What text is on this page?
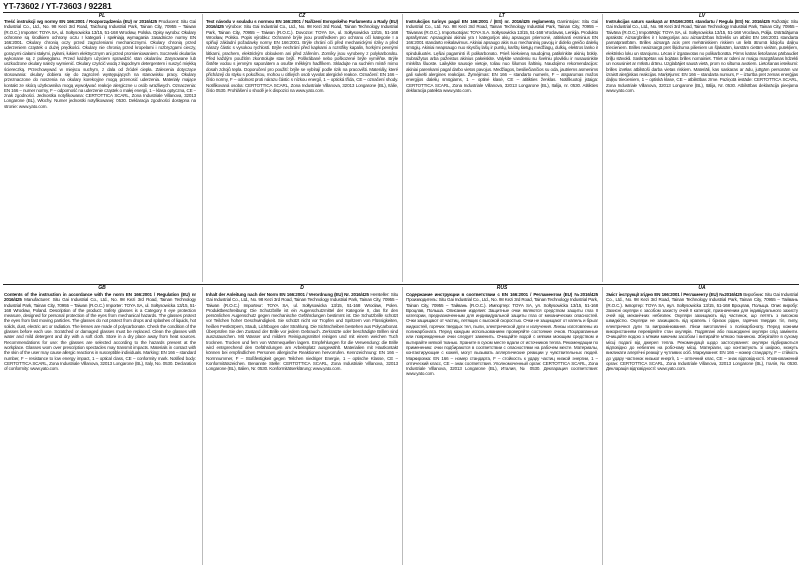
YT-73602 / YT-73603 / 92281
PL	CZ	LT	LV
GB	D	RUS	UA

Treść instrukcji wg normy EN 166:2001 / Rozporządzenia (EU) nr 2016/425 Producent: Situ Gai Industrial Co., Ltd., No. 98 Kezi 3rd Road, Taichung Industrial Park, Tainan City, 70955 – Taiwan (R.O.C.) Importer: TOYA SA, ul. Sołtysowicka 13/15, 51-168 Wrocław, Polska. Opisy wyrobu: Okulary ochronne są środkiem ochrony oczu I kategorii i spełniają wymagania zasadnicze normy EN 166:2001. Okulary chronią oczy przed zagrożeniami mechanicznymi. Okulary chronią przed uderzeniem cząstek o dużej prędkości. Okulary nie chronią przed kropelami i rozbryzgami cieczy, gorącymi ciałami stałymi, pyłami, łukiem elektrycznym ani przed promieniowaniem. Soczewki okularów wykonane są z poliwęglanu. Przed każdym użyciem sprawdzić stan okularów. Zarysowane lub uszkodzone okulary należy wymienić. Okulary czyścić wodą z łagodnym detergentem i suszyć miękką ściereczką. Przechowywać w miejscu suchym, z dala od źródeł ciepła. Zalecenia dotyczące stosowania: okulary dobiera się do zagrożeń występujących na stanowisku pracy. Okulary przeznaczone do noszenia na okulary korekcyjne mogą przenosić uderzenia. Materiały mające kontakt ze skórą użytkownika mogą wywoływać reakcje alergiczne u osób wrażliwych. Oznaczenia: EN 166 – numer normy, F – odporność na uderzenie cząstek o małej energii, 1 – klasa optyczna, CE – znak zgodności. Jednostka notyfikowana: CERTOTTICA SCARL, Zona Industriale Villanova, 32013 Longarone (BL), Włochy. Numer jednostki notyfikowanej: 0530. Deklaracja zgodności dostępna na stronie: www.yato.com.

Text návodu v souladu s normou EN 166:2001 / Nařízení Evropského Parlamentu a Rady (EU) 2016/425 Výrobce: Situ Gai Industrial Co., Ltd., No. 98 Kezi 3rd Road, Tainan Technology Industrial Park, Tainan City, 70955 – Taiwan (R.O.C.). Dovozce: TOYA SA, ul. Sołtysowicka 13/15, 51-168 Wrocław, Polsko. Popis výrobku: Ochranné brýle jsou prostředkem pro ochranu očí kategorie I a splňují základní požadavky normy EN 166:2001. Brýle chrání oči před mechanickými riziky a před nárazy částic s vysokou rychlostí. Brýle nechrání před kapkami a rozstřiky kapalin, horkými pevnými látkami, prachem, elektrickým obloukem ani před zářením. Zorníky jsou vyrobeny z polykarbonátu. Před každým použitím zkontrolujte stav brýlí. Poškrábané nebo poškozené brýle vyměňte. Brýle čistěte vodou s jemným saponátem a osušte měkkým hadříkem. Skladujte na suchém místě mimo dosah zdrojů tepla. Doporučení pro použití: brýle se vybírají podle rizik na pracovišti. Materiály, které přicházejí do styku s pokožkou, mohou u citlivých osob vyvolat alergické reakce. Označení: EN 166 – číslo normy, F – odolnost proti nárazu částic s nízkou energií, 1 – optická třída, CE – označení shody. Notifikovaná osoba: CERTOTTICA SCARL, Zona Industriale Villanova, 32013 Longarone (BL), Itálie, číslo 0530. Prohlášení o shodě je k dispozici na www.yato.com.

Instrukcijos turinys pagal EN 166:2001 / (ES) nr. 2016/425 reglamentą Gamintojas: Situ Gai Industrial Co., Ltd. No. 98 Kezi 3rd Road, Tainan Technology Industrial Park, Tainan City, 70955 – Taivanas (R.O.C.). Importuotojas: TOYA S.A. Sołtysowicka 13/15, 51-168 Vroclavas, Lenkija. Produkto aprašymas: Apsauginiai akiniai yra I kategorijos akių apsaugos priemonė, atitinkanti esminius EN 166:2001 standarto reikalavimus. Akiniai apsaugo akis nuo mechaninių pavojų ir didelio greičio dalelių smūgių. Akiniai neapsaugo nuo skysčių lašų ir purslų, karštų kietųjų medžiagų, dulkių, elektros lanko ir spinduliuotės. Lęšiai pagaminti iš polikarbonato. Prieš kiekvieną naudojimą patikrinkite akinių būklę. Subraižytus arba pažeistus akinius pakeiskite. Valykite vandeniu su švelniu plovikliu ir nusausinkite minkšta šluoste. Laikykite sausoje vietoje, toliau nuo šilumos šaltinių. Naudojimo rekomendacijos: akiniai parenkami pagal darbo vietos pavojus. Medžiagos, besiliečiančios su oda, jautriems asmenims gali sukelti alergines reakcijas. Žymėjimas: EN 166 – standarto numeris, F – atsparumas mažos energijos dalelių smūgiams, 1 – optinė klasė, CE – atitikties ženklas. Notifikuotoji įstaiga: CERTOTTICA SCARL, Zona Industriale Villanova, 32013 Longarone (BL), Italija, nr. 0530. Atitikties deklaracija pateikta www.yato.com.

Instrukcijas saturs saskaņā ar EN166:2001 standartu / Regula (ES) Nr. 2016/425 Ražotājs: Situ Gai Industrial Co., Ltd., No. 98 Kezi 3rd Road, Tainan Technology Industrial Park, Tainan City, 70955 – Taivāna (R.O.C.) Importētājs: TOYA SA, ul. Sołtysowicka 13/15, 51-168 Vroclava, Polija. Izstrādājuma apraksts: Aizsargbrilles ir I kategorijas acu aizsardzības līdzeklis un atbilst EN 166:2001 standarta pamatprasībām. Brilles aizsargā acis pret mehāniskiem riskiem un lielā ātrumā lidojošu daļiņu triecieniem. Brilles neaizsargā pret šķidruma pilieniem un šļakatām, karstām cietām vielām, putekļiem, elektrisko loku un starojumu. Lēcas ir izgatavotas no polikarbonāta. Pirms katras lietošanas pārbaudiet briļļu stāvokli. Saskrāpētas vai bojātas brilles nomainiet. Tīriet ar ūdeni ar maigu mazgāšanas līdzekli un nosusiniet ar mīkstu drānu. Uzglabājiet sausā vietā, prom no siltuma avotiem. Lietošanas ieteikumi: brilles izvēlas atbilstoši darba vietas riskiem. Materiāli, kas saskaras ar ādu, jutīgām personām var izraisīt alerģiskas reakcijas. Marķējums: EN 166 – standarta numurs, F – izturība pret zemas enerģijas daļiņu triecieniem, 1 – optiskā klase, CE – atbilstības zīme. Paziņotā iestāde: CERTOTTICA SCARL, Zona Industriale Villanova, 32013 Longarone (BL), Itālija, Nr. 0530. Atbilstības deklarācija pieejama www.yato.com.

Contents of the instruction in accordance with the norm EN 166:2001 / Regulation (EU) nr 2016/425 Manufacturer: Situ Gai Industrial Co., Ltd., No. 98 Kezi 3rd Road, Tainan Technology Industrial Park, Tainan City, 70955 – Taiwan (R.O.C.) Importer: TOYA SA, ul. Sołtysowicka 13/15, 51-168 Wrocław, Poland. Description of the product: Safety glasses is a Category II eye protection measure, designed for personal protection of the eyes from mechanical hazards. The glasses protect the eyes from fast moving particles. The glasses do not protect from drops and splashes of liquids, hot solids, dust, electric arc or radiation. The lenses are made of polycarbonate. Check the condition of the glasses before each use. Scratched or damaged glasses must be replaced. Clean the glasses with water and mild detergent and dry with a soft cloth. Store in a dry place away from heat sources. Recommendations for use: the glasses are selected according to the hazards present at the workplace. Glasses worn over prescription spectacles may transmit impacts. Materials in contact with the skin of the user may cause allergic reactions in susceptible individuals. Marking: EN 166 – standard number, F – resistance to low energy impact, 1 – optical class, CE – conformity mark. Notified body: CERTOTTICA SCARL, Zona Industriale Villanova, 32013 Longarone (BL), Italy, No. 0530. Declaration of conformity: www.yato.com.

Inhalt der Anleitung nach der Norm EN 166:2001 / Verordnung (EU) Nr. 2016/425 Hersteller: Situ Gai Industrial Co., Ltd., No. 98 Kezi 3rd Road, Tainan Technology Industrial Park, Tainan City, 70955 – Taiwan (R.O.C.) Importeur: TOYA SA, ul. Sołtysowicka 13/15, 51-168 Wrocław, Polen. Produktbeschreibung: Die Schutzbrille ist ein Augenschutzmittel der Kategorie II, das für den persönlichen Augenschutz gegen mechanische Gefährdungen bestimmt ist. Die Schutzbrille schützt vor Teilchen hoher Geschwindigkeit. Sie schützt nicht vor Tropfen und Spritzern von Flüssigkeiten, heißen Festkörpern, Staub, Lichtbogen oder Strahlung. Die Sichtscheiben bestehen aus Polycarbonat. Überprüfen Sie den Zustand der Brille vor jedem Gebrauch. Zerkratzte oder beschädigte Brillen sind auszutauschen. Mit Wasser und mildem Reinigungsmittel reinigen und mit einem weichen Tuch trocknen. Trocken und fern von Wärmequellen lagern. Empfehlungen für die Verwendung: die Brille wird entsprechend den Gefährdungen am Arbeitsplatz ausgewählt. Materialien mit Hautkontakt können bei empfindlichen Personen allergische Reaktionen hervorrufen. Kennzeichnung: EN 166 – Normnummer, F – Stoßfestigkeit gegen Teilchen niedriger Energie, 1 – optische Klasse, CE – Konformitätszeichen. Benannte Stelle: CERTOTTICA SCARL, Zona Industriale Villanova, 32013 Longarone (BL), Italien, Nr. 0530. Konformitätserklärung: www.yato.com.

Содержание инструкции в соответствии с EN 166:2001 / Регламентом (EU) №2016/425 Производитель: Situ Gai Industrial Co., Ltd., No. 98 Kezi 3rd Road, Tainan Technology Industrial Park, Tainan City, 70955 – Тайвань (R.O.C.). Импортер: TOYA SA, ул. Sołtysowicka 13/15, 51-168 Вроцлав, Польша. Описание изделия: Защитные очки являются средством защиты глаз II категории, предназначенным для индивидуальной защиты глаз от механических опасностей. Очки защищают от частиц, летящих с высокой скоростью. Очки не защищают от капель и брызг жидкостей, горячих твердых тел, пыли, электрической дуги и излучения. Линзы изготовлены из поликарбоната. Перед каждым использованием проверяйте состояние очков. Поцарапанные или поврежденные очки следует заменить. Очищайте водой с мягким моющим средством и вытирайте мягкой тканью. Храните в сухом месте вдали от источников тепла. Рекомендации по применению: очки подбираются в соответствии с опасностями на рабочем месте. Материалы, контактирующие с кожей, могут вызывать аллергические реакции у чувствительных людей. Маркировка: EN 166 – номер стандарта, F – стойкость к удару частиц низкой энергии, 1 – оптический класс, CE – знак соответствия. Уполномоченный орган: CERTOTTICA SCARL, Zona Industriale Villanova, 32013 Longarone (BL), Италия, № 0530. Декларация соответствия: www.yato.com.

Зміст інструкції згідно EN 166:2001 / Регламенту (EU) №2016/425 Виробник: Situ Gai Industrial Co., Ltd., No. 98 Kezi 3rd Road, Tainan Technology Industrial Park, Tainan City, 70955 – Тайвань (R.O.C.). Імпортер: TOYA SA, вул. Sołtysowicka 13/15, 51-168 Вроцлав, Польща. Опис виробу: Захисні окуляри є засобом захисту очей II категорії, призначеним для індивідуального захисту очей від механічних небезпек. Окуляри захищають від частинок, що летять з високою швидкістю. Окуляри не захищають від крапель і бризок рідин, гарячих твердих тіл, пилу, електричної дуги та випромінювання. Лінзи виготовлені з полікарбонату. Перед кожним використанням перевіряйте стан окулярів. Подряпані або пошкоджені окуляри слід замінити. Очищайте водою з м'яким миючим засобом і витирайте м'якою тканиною. Зберігайте в сухому місці подалі від джерел тепла. Рекомендації щодо застосування: окуляри підбираються відповідно до небезпек на робочому місці. Матеріали, що контактують зі шкірою, можуть викликати алергічні реакції у чутливих осіб. Маркування: EN 166 – номер стандарту, F – стійкість до удару частинок низької енергії, 1 – оптичний клас, CE – знак відповідності. Уповноважений орган: CERTOTTICA SCARL, Zona Industriale Villanova, 32013 Longarone (BL), Італія, № 0530. Декларація відповідності: www.yato.com.
